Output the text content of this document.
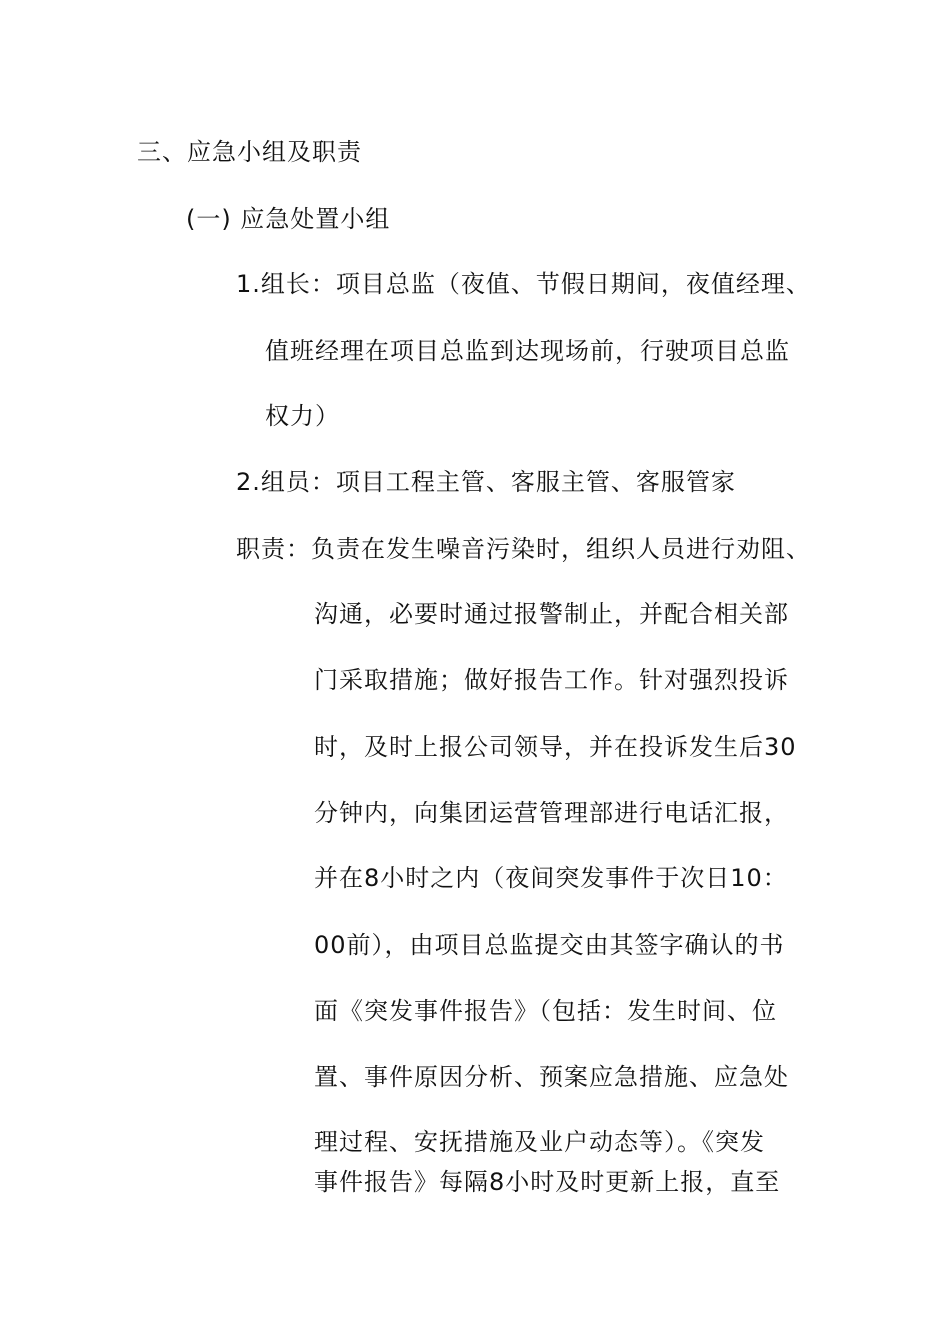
三、应急小组及职责
(一) 应急处置小组
1.组长：项目总监（夜值、节假日期间，夜值经理、
值班经理在项目总监到达现场前，行驶项目总监
权力）
2.组员：项目工程主管、客服主管、客服管家
职责：负责在发生噪音污染时，组织人员进行劝阻、
沟通，必要时通过报警制止，并配合相关部
门采取措施；做好报告工作。针对强烈投诉
时，及时上报公司领导，并在投诉发生后30
分钟内，向集团运营管理部进行电话汇报，
并在8小时之内（夜间突发事件于次日10：
00前），由项目总监提交由其签字确认的书
面《突发事件报告》（包括：发生时间、位
置、事件原因分析、预案应急措施、应急处
理过程、安抚措施及业户动态等）。《突发
事件报告》每隔8小时及时更新上报，直至
